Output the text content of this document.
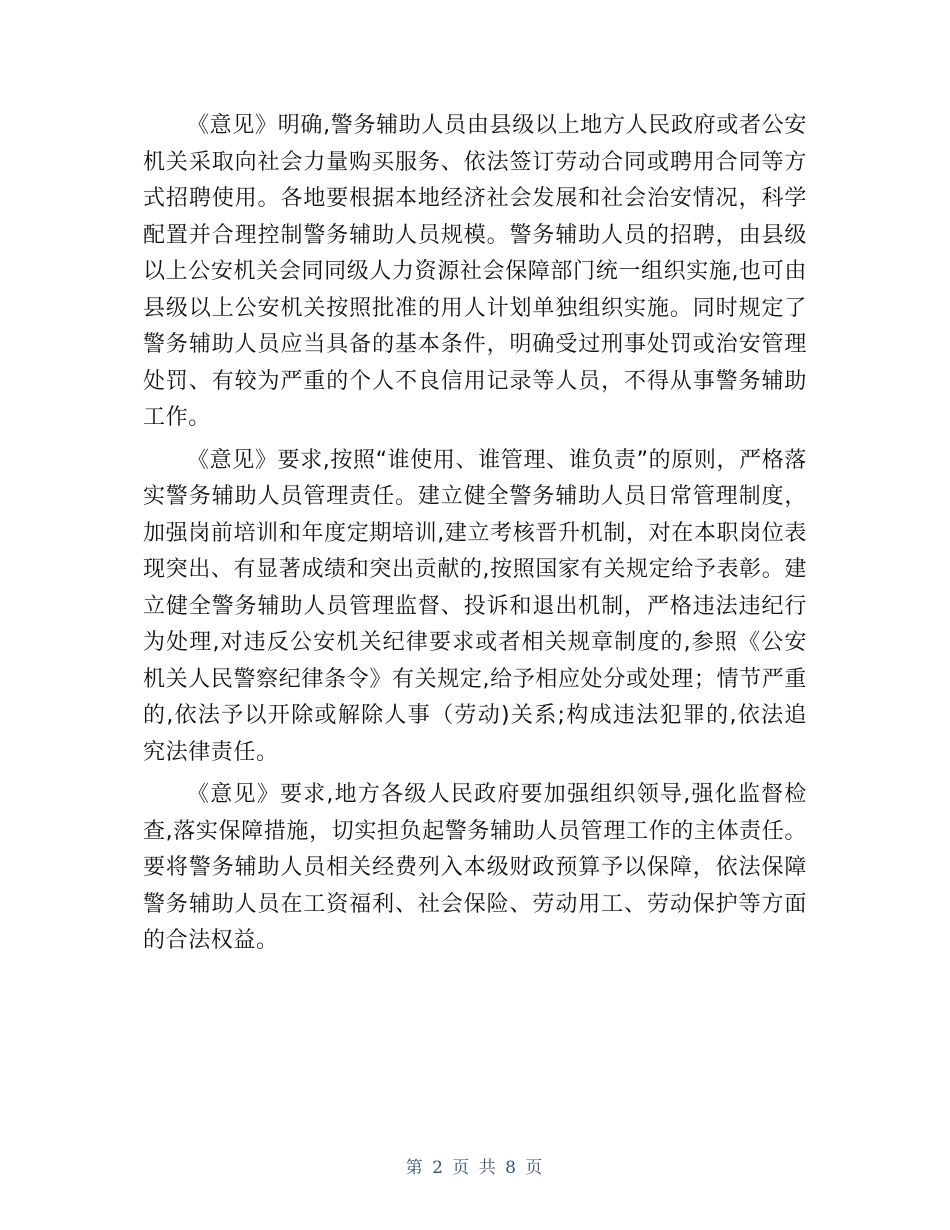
《意见》明确,警务辅助人员由县级以上地方人民政府或者公安机关采取向社会力量购买服务、依法签订劳动合同或聘用合同等方式招聘使用。各地要根据本地经济社会发展和社会治安情况，科学配置并合理控制警务辅助人员规模。警务辅助人员的招聘，由县级以上公安机关会同同级人力资源社会保障部门统一组织实施,也可由县级以上公安机关按照批准的用人计划单独组织实施。同时规定了警务辅助人员应当具备的基本条件，明确受过刑事处罚或治安管理处罚、有较为严重的个人不良信用记录等人员，不得从事警务辅助工作。

《意见》要求,按照“谁使用、谁管理、谁负责”的原则，严格落实警务辅助人员管理责任。建立健全警务辅助人员日常管理制度，加强岗前培训和年度定期培训,建立考核晋升机制，对在本职岗位表现突出、有显著成绩和突出贡献的,按照国家有关规定给予表彰。建立健全警务辅助人员管理监督、投诉和退出机制，严格违法违纪行为处理,对违反公安机关纪律要求或者相关规章制度的,参照《公安机关人民警察纪律条令》有关规定,给予相应处分或处理；情节严重的,依法予以开除或解除人事（劳动)关系;构成违法犯罪的,依法追究法律责任。

《意见》要求,地方各级人民政府要加强组织领导,强化监督检查,落实保障措施，切实担负起警务辅助人员管理工作的主体责任。要将警务辅助人员相关经费列入本级财政预算予以保障，依法保障警务辅助人员在工资福利、社会保险、劳动用工、劳动保护等方面的合法权益。

第 2 页 共 8 页
